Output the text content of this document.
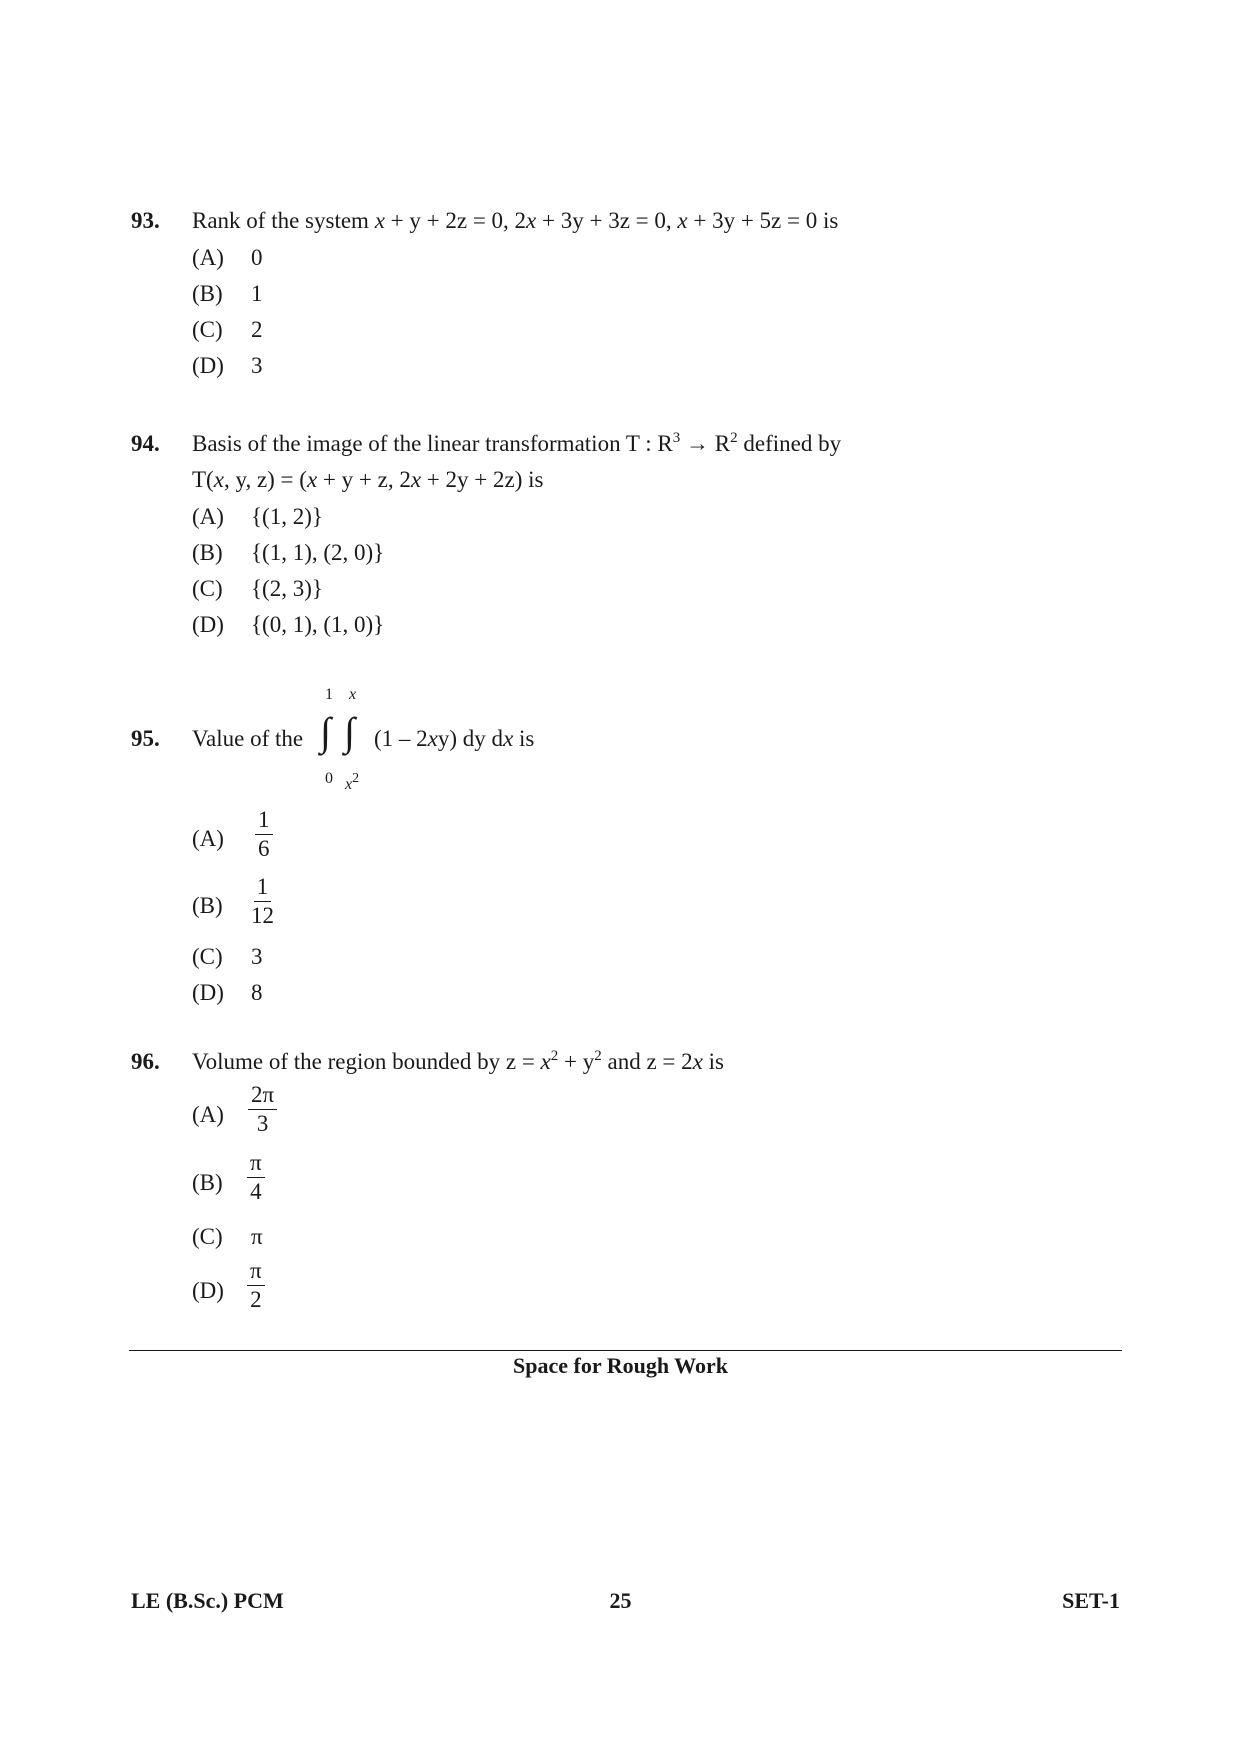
93. Rank of the system x + y + 2z = 0, 2x + 3y + 3z = 0, x + 3y + 5z = 0 is
(A) 0
(B) 1
(C) 2
(D) 3
94. Basis of the image of the linear transformation T : $R^3 \to R^2$ defined by
T(x, y, z) = (x + y + z, 2x + 2y + 2z) is
(A) {(1, 2)}
(B) {(1, 1), (2, 0)}
(C) {(2, 3)}
(D) {(0, 1), (1, 0)}
95. Value of the
1
∫
0
x
∫
$x^2$
(1 – 2xy) dy dx is
$(A) \frac{1}{6}$
$(B) \frac{1}{12}$
(C) 3
(D) 8
96. Volume of the region bounded by $z = x^2 + y^2$ and z = 2x is
$(A) \frac{2\pi}{3}$
$(B) \frac{\pi}{4}$
(C) π
$(D) \frac{\pi}{2}$
Space for Rough Work
LE (B.Sc.) PCM	25	SET-1
